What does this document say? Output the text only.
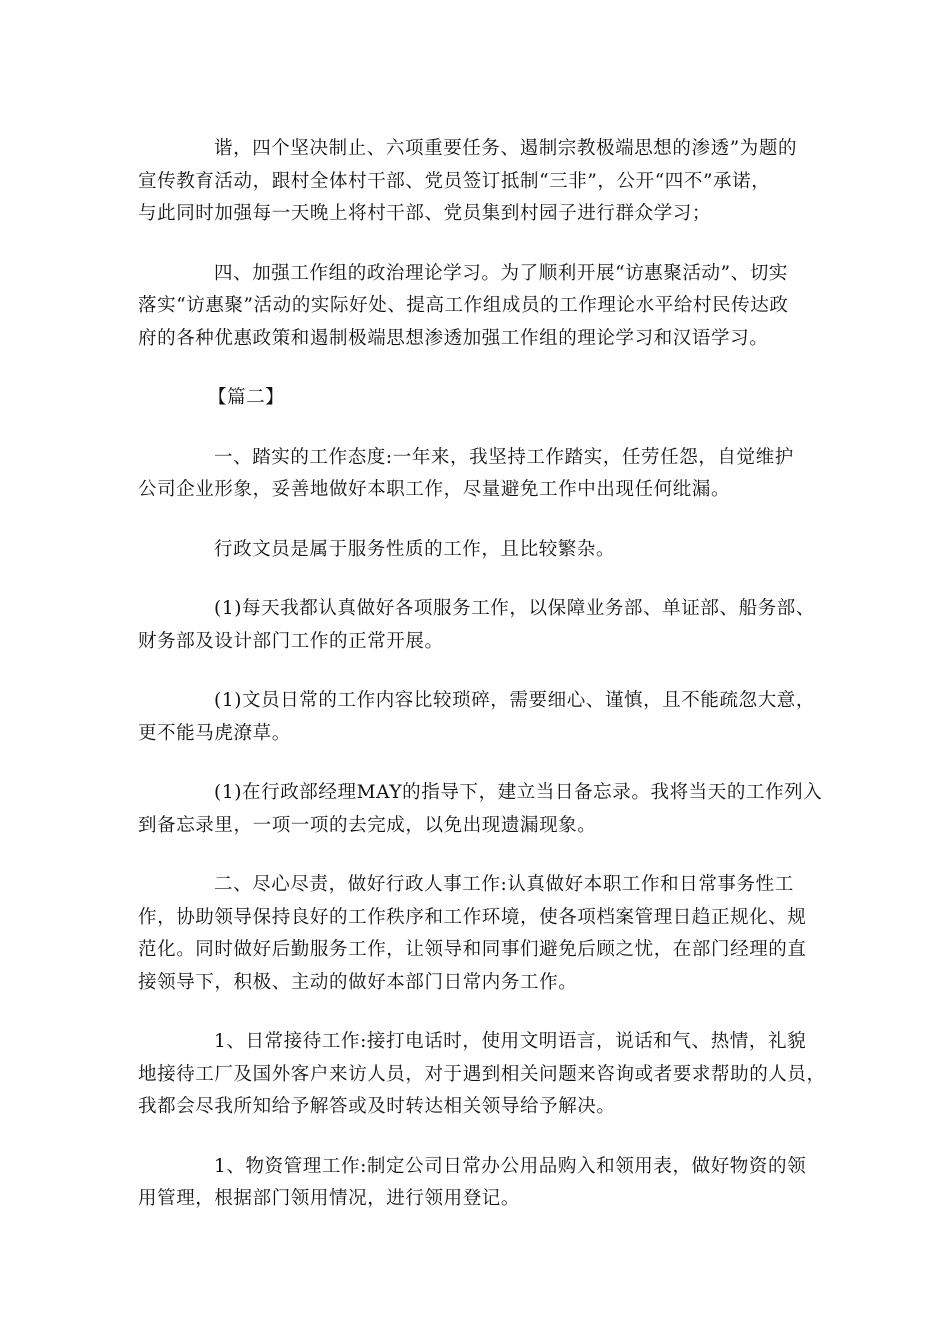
谐，四个坚决制止、六项重要任务、遏制宗教极端思想的渗透”为题的
宣传教育活动，跟村全体村干部、党员签订抵制“三非”，公开“四不”承诺，
与此同时加强每一天晚上将村干部、党员集到村园子进行群众学习；
四、加强工作组的政治理论学习。为了顺利开展“访惠聚活动”、切实
落实“访惠聚”活动的实际好处、提高工作组成员的工作理论水平给村民传达政
府的各种优惠政策和遏制极端思想渗透加强工作组的理论学习和汉语学习。
【篇二】
一、踏实的工作态度:一年来，我坚持工作踏实，任劳任怨，自觉维护
公司企业形象，妥善地做好本职工作，尽量避免工作中出现任何纰漏。
行政文员是属于服务性质的工作，且比较繁杂。
(1)每天我都认真做好各项服务工作，以保障业务部、单证部、船务部、
财务部及设计部门工作的正常开展。
(1)文员日常的工作内容比较琐碎，需要细心、谨慎，且不能疏忽大意，
更不能马虎潦草。
(1)在行政部经理MAY的指导下，建立当日备忘录。我将当天的工作列入
到备忘录里，一项一项的去完成，以免出现遗漏现象。
二、尽心尽责，做好行政人事工作:认真做好本职工作和日常事务性工
作，协助领导保持良好的工作秩序和工作环境，使各项档案管理日趋正规化、规
范化。同时做好后勤服务工作，让领导和同事们避免后顾之忧，在部门经理的直
接领导下，积极、主动的做好本部门日常内务工作。
1、日常接待工作:接打电话时，使用文明语言，说话和气、热情，礼貌
地接待工厂及国外客户来访人员，对于遇到相关问题来咨询或者要求帮助的人员，
我都会尽我所知给予解答或及时转达相关领导给予解决。
1、物资管理工作:制定公司日常办公用品购入和领用表，做好物资的领
用管理，根据部门领用情况，进行领用登记。
